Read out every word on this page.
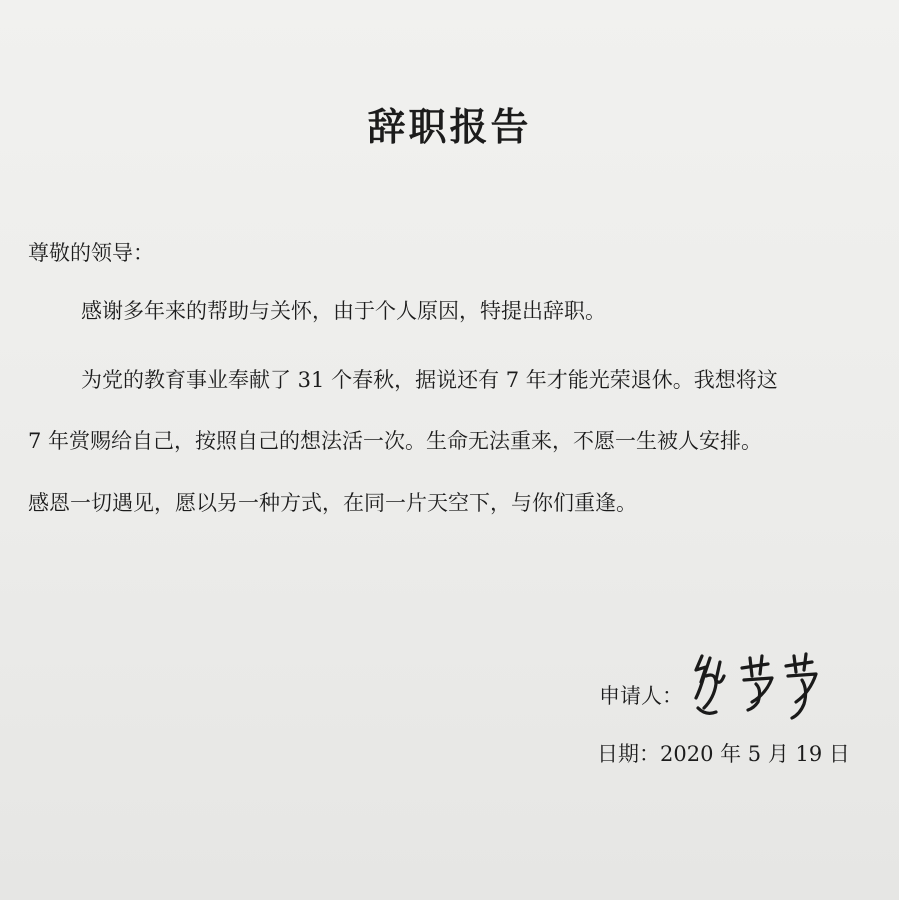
辞职报告
尊敬的领导：
感谢多年来的帮助与关怀，由于个人原因，特提出辞职。
为党的教育事业奉献了 31 个春秋，据说还有 7 年才能光荣退休。我想将这
7 年赏赐给自己，按照自己的想法活一次。生命无法重来，不愿一生被人安排。
感恩一切遇见，愿以另一种方式，在同一片天空下，与你们重逢。
申请人：
日期：2020 年 5 月 19 日
